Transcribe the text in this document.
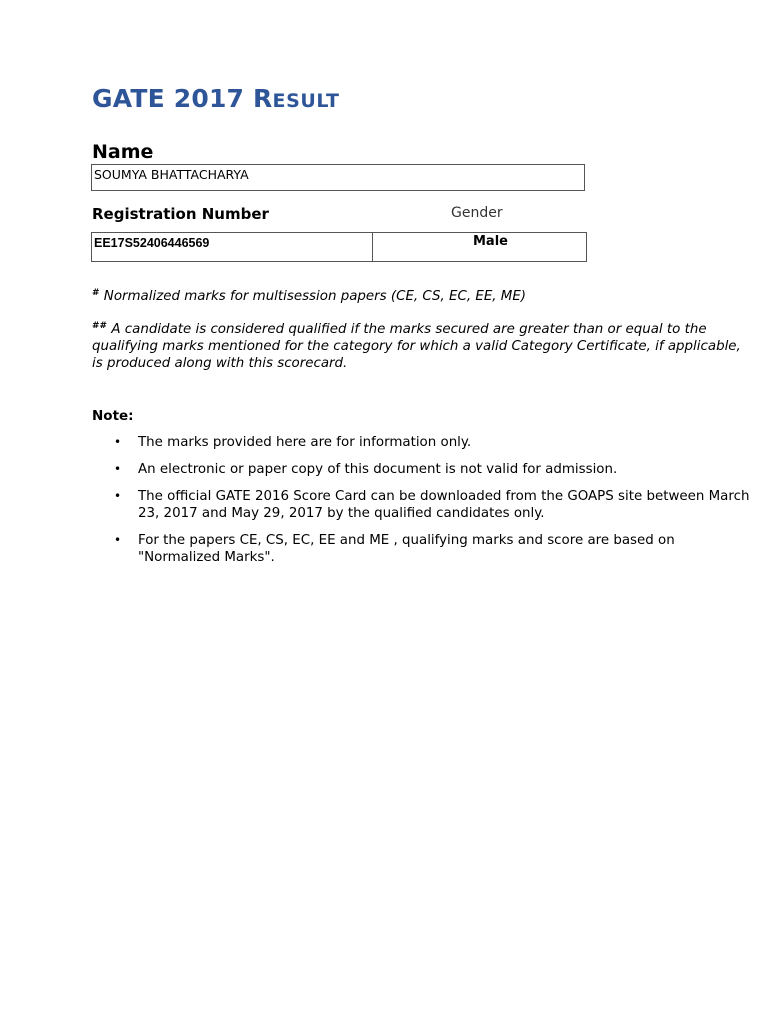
GATE 2017 RESULT

Name

SOUMYA BHATTACHARYA

Registration Number	Gender

EE17S52406446569	Male

# Normalized marks for multisession papers (CE, CS, EC, EE, ME)

## A candidate is considered qualified if the marks secured are greater than or equal to the qualifying marks mentioned for the category for which a valid Category Certificate, if applicable, is produced along with this scorecard.

Note:

• The marks provided here are for information only.
• An electronic or paper copy of this document is not valid for admission.
• The official GATE 2016 Score Card can be downloaded from the GOAPS site between March 23, 2017 and May 29, 2017 by the qualified candidates only.
• For the papers CE, CS, EC, EE and ME , qualifying marks and score are based on "Normalized Marks".
